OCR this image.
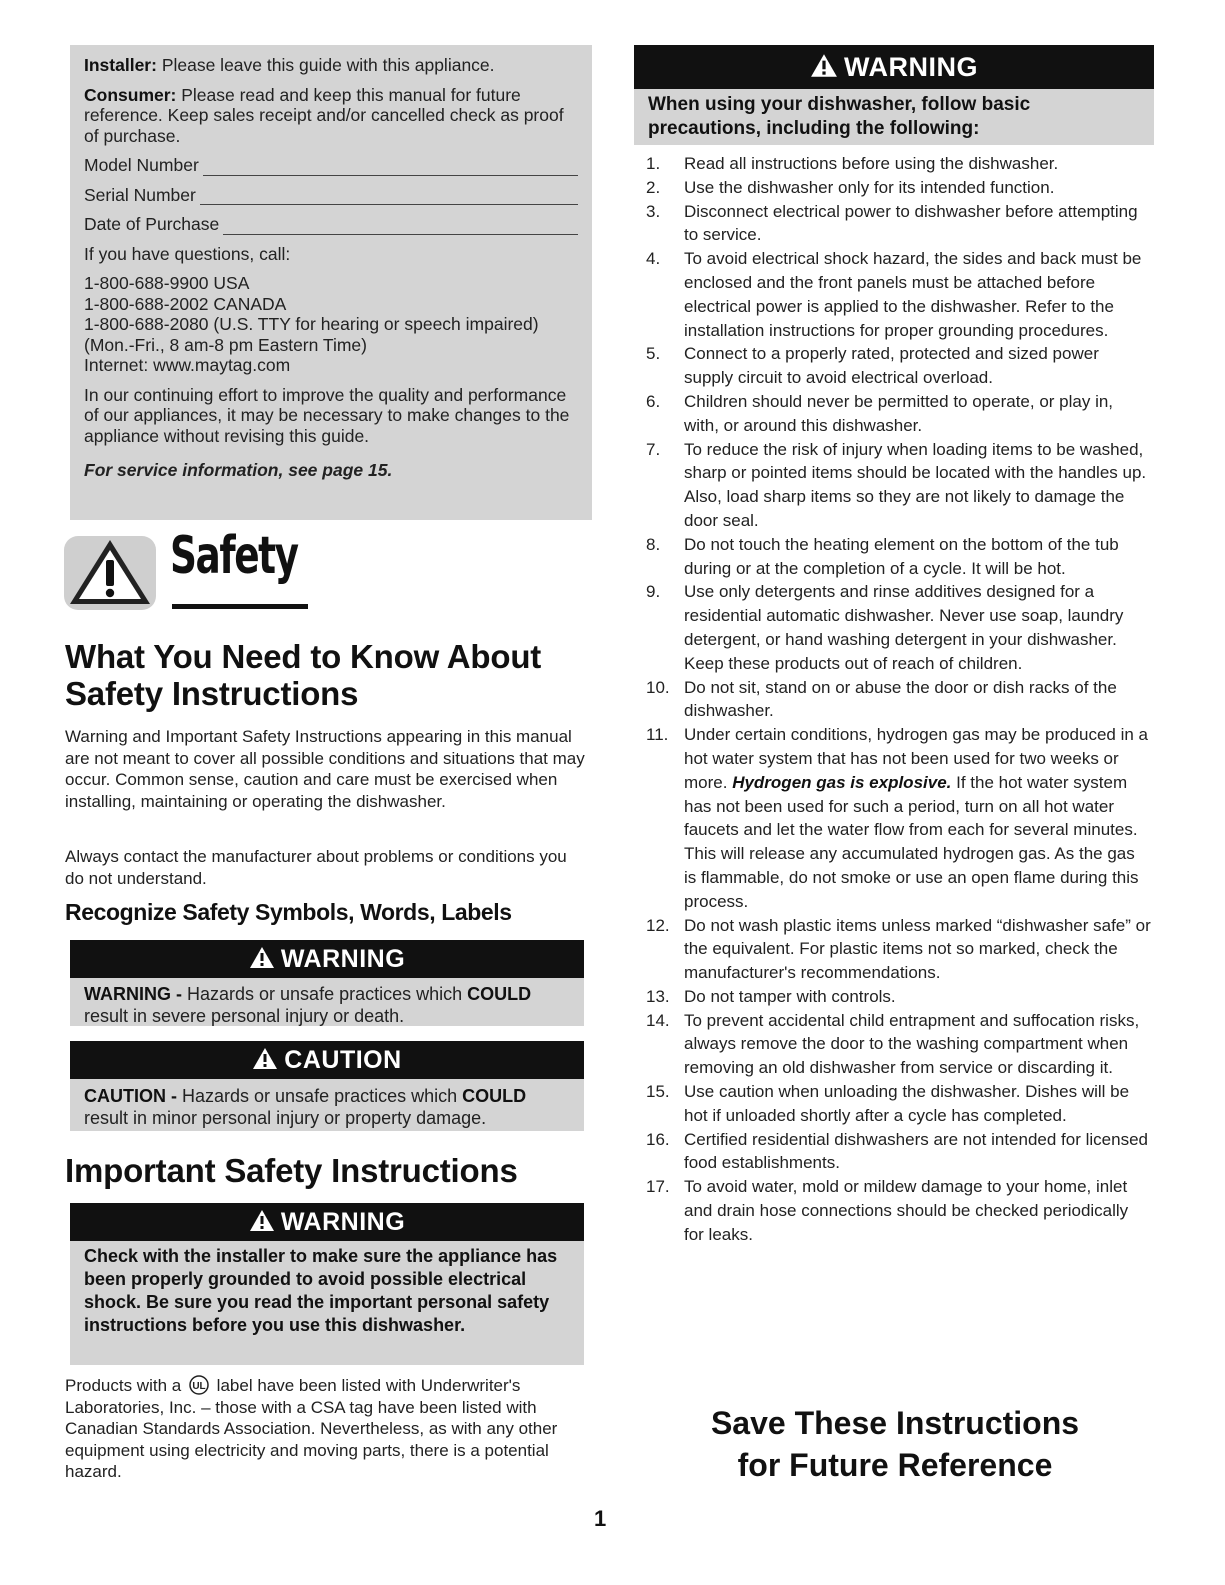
Installer: Please leave this guide with this appliance.
Consumer: Please read and keep this manual for future reference. Keep sales receipt and/or cancelled check as proof of purchase.
Model Number
Serial Number
Date of Purchase
If you have questions, call:
1-800-688-9900 USA
1-800-688-2002 CANADA
1-800-688-2080 (U.S. TTY for hearing or speech impaired) (Mon.-Fri., 8 am-8 pm Eastern Time)
Internet: www.maytag.com
In our continuing effort to improve the quality and performance of our appliances, it may be necessary to make changes to the appliance without revising this guide.
For service information, see page 15.
Safety
What You Need to Know About Safety Instructions
Warning and Important Safety Instructions appearing in this manual are not meant to cover all possible conditions and situations that may occur. Common sense, caution and care must be exercised when installing, maintaining or operating the dishwasher.
Always contact the manufacturer about problems or conditions you do not understand.
Recognize Safety Symbols, Words, Labels
WARNING
WARNING - Hazards or unsafe practices which COULD result in severe personal injury or death.
CAUTION
CAUTION - Hazards or unsafe practices which COULD result in minor personal injury or property damage.
Important Safety Instructions
WARNING
Check with the installer to make sure the appliance has been properly grounded to avoid possible electrical shock. Be sure you read the important personal safety instructions before you use this dishwasher.
Products with a UL label have been listed with Underwriter's Laboratories, Inc. – those with a CSA tag have been listed with Canadian Standards Association. Nevertheless, as with any other equipment using electricity and moving parts, there is a potential hazard.
WARNING
When using your dishwasher, follow basic precautions, including the following:
1.	Read all instructions before using the dishwasher.
2.	Use the dishwasher only for its intended function.
3.	Disconnect electrical power to dishwasher before attempting to service.
4.	To avoid electrical shock hazard, the sides and back must be enclosed and the front panels must be attached before electrical power is applied to the dishwasher. Refer to the installation instructions for proper grounding procedures.
5.	Connect to a properly rated, protected and sized power supply circuit to avoid electrical overload.
6.	Children should never be permitted to operate, or play in, with, or around this dishwasher.
7.	To reduce the risk of injury when loading items to be washed, sharp or pointed items should be located with the handles up. Also, load sharp items so they are not likely to damage the door seal.
8.	Do not touch the heating element on the bottom of the tub during or at the completion of a cycle. It will be hot.
9.	Use only detergents and rinse additives designed for a residential automatic dishwasher. Never use soap, laundry detergent, or hand washing detergent in your dishwasher. Keep these products out of reach of children.
10. Do not sit, stand on or abuse the door or dish racks of the dishwasher.
11. Under certain conditions, hydrogen gas may be produced in a hot water system that has not been used for two weeks or more. Hydrogen gas is explosive. If the hot water system has not been used for such a period, turn on all hot water faucets and let the water flow from each for several minutes. This will release any accumulated hydrogen gas. As the gas is flammable, do not smoke or use an open flame during this process.
12. Do not wash plastic items unless marked “dishwasher safe” or the equivalent. For plastic items not so marked, check the manufacturer's recommendations.
13. Do not tamper with controls.
14. To prevent accidental child entrapment and suffocation risks, always remove the door to the washing compartment when removing an old dishwasher from service or discarding it.
15. Use caution when unloading the dishwasher. Dishes will be hot if unloaded shortly after a cycle has completed.
16. Certified residential dishwashers are not intended for licensed food establishments.
17. To avoid water, mold or mildew damage to your home, inlet and drain hose connections should be checked periodically for leaks.
Save These Instructions
for Future Reference
1
